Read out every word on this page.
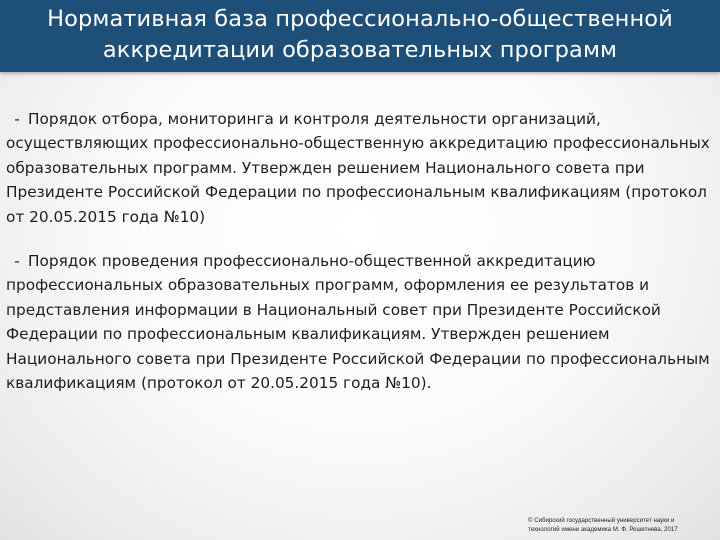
Нормативная база профессионально-общественной
аккредитации образовательных программ
- Порядок отбора, мониторинга и контроля деятельности организаций, осуществляющих профессионально-общественную аккредитацию профессиональных образовательных программ. Утвержден решением Национального совета при Президенте Российской Федерации по профессиональным квалификациям (протокол от 20.05.2015 года №10)
- Порядок проведения профессионально-общественной аккредитацию профессиональных образовательных программ, оформления ее результатов и представления информации в Национальный совет при Президенте Российской Федерации по профессиональным квалификациям. Утвержден решением Национального совета при Президенте Российской Федерации по профессиональным квалификациям (протокол от 20.05.2015 года №10).
© Сибирский государственный университет науки и
технологий имени академика М. Ф. Решетнева, 2017
